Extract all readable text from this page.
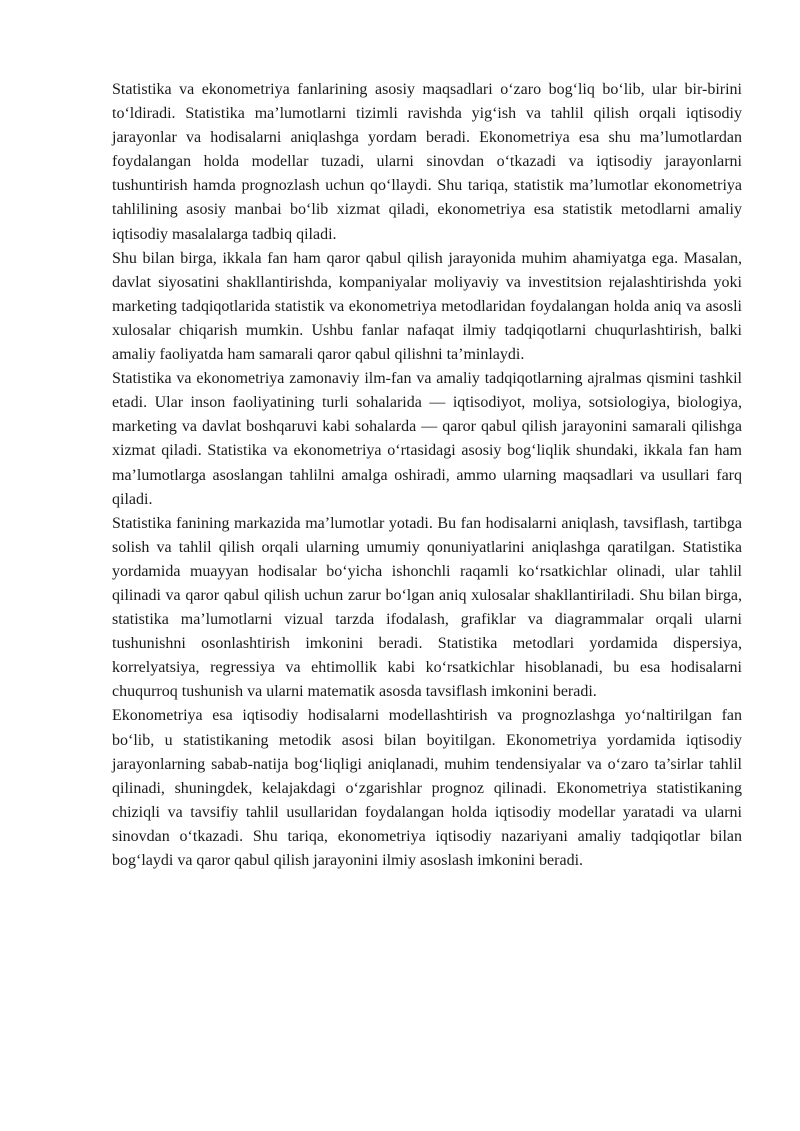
Statistika va ekonometriya fanlarining asosiy maqsadlari o‘zaro bog‘liq bo‘lib, ular bir-birini to‘ldiradi. Statistika ma’lumotlarni tizimli ravishda yig‘ish va tahlil qilish orqali iqtisodiy jarayonlar va hodisalarni aniqlashga yordam beradi. Ekonometriya esa shu ma’lumotlardan foydalangan holda modellar tuzadi, ularni sinovdan o‘tkazadi va iqtisodiy jarayonlarni tushuntirish hamda prognozlash uchun qo‘llaydi. Shu tariqa, statistik ma’lumotlar ekonometriya tahlilining asosiy manbai bo‘lib xizmat qiladi, ekonometriya esa statistik metodlarni amaliy iqtisodiy masalalarga tadbiq qiladi.

Shu bilan birga, ikkala fan ham qaror qabul qilish jarayonida muhim ahamiyatga ega. Masalan, davlat siyosatini shakllantirishda, kompaniyalar moliyaviy va investitsion rejalashtirishda yoki marketing tadqiqotlarida statistik va ekonometriya metodlaridan foydalangan holda aniq va asosli xulosalar chiqarish mumkin. Ushbu fanlar nafaqat ilmiy tadqiqotlarni chuqurlashtirish, balki amaliy faoliyatda ham samarali qaror qabul qilishni ta’minlaydi.

Statistika va ekonometriya zamonaviy ilm-fan va amaliy tadqiqotlarning ajralmas qismini tashkil etadi. Ular inson faoliyatining turli sohalarida — iqtisodiyot, moliya, sotsiologiya, biologiya, marketing va davlat boshqaruvi kabi sohalarda — qaror qabul qilish jarayonini samarali qilishga xizmat qiladi. Statistika va ekonometriya o‘rtasidagi asosiy bog‘liqlik shundaki, ikkala fan ham ma’lumotlarga asoslangan tahlilni amalga oshiradi, ammo ularning maqsadlari va usullari farq qiladi.

Statistika fanining markazida ma’lumotlar yotadi. Bu fan hodisalarni aniqlash, tavsiflash, tartibga solish va tahlil qilish orqali ularning umumiy qonuniyatlarini aniqlashga qaratilgan. Statistika yordamida muayyan hodisalar bo‘yicha ishonchli raqamli ko‘rsatkichlar olinadi, ular tahlil qilinadi va qaror qabul qilish uchun zarur bo‘lgan aniq xulosalar shakllantiriladi. Shu bilan birga, statistika ma’lumotlarni vizual tarzda ifodalash, grafiklar va diagrammalar orqali ularni tushunishni osonlashtirish imkonini beradi. Statistika metodlari yordamida dispersiya, korrelyatsiya, regressiya va ehtimollik kabi ko‘rsatkichlar hisoblanadi, bu esa hodisalarni chuqurroq tushunish va ularni matematik asosda tavsiflash imkonini beradi.

Ekonometriya esa iqtisodiy hodisalarni modellashtirish va prognozlashga yo‘naltirilgan fan bo‘lib, u statistikaning metodik asosi bilan boyitilgan. Ekonometriya yordamida iqtisodiy jarayonlarning sabab-natija bog‘liqligi aniqlanadi, muhim tendensiyalar va o‘zaro ta’sirlar tahlil qilinadi, shuningdek, kelajakdagi o‘zgarishlar prognoz qilinadi. Ekonometriya statistikaning chiziqli va tavsifiy tahlil usullaridan foydalangan holda iqtisodiy modellar yaratadi va ularni sinovdan o‘tkazadi. Shu tariqa, ekonometriya iqtisodiy nazariyani amaliy tadqiqotlar bilan bog‘laydi va qaror qabul qilish jarayonini ilmiy asoslash imkonini beradi.
